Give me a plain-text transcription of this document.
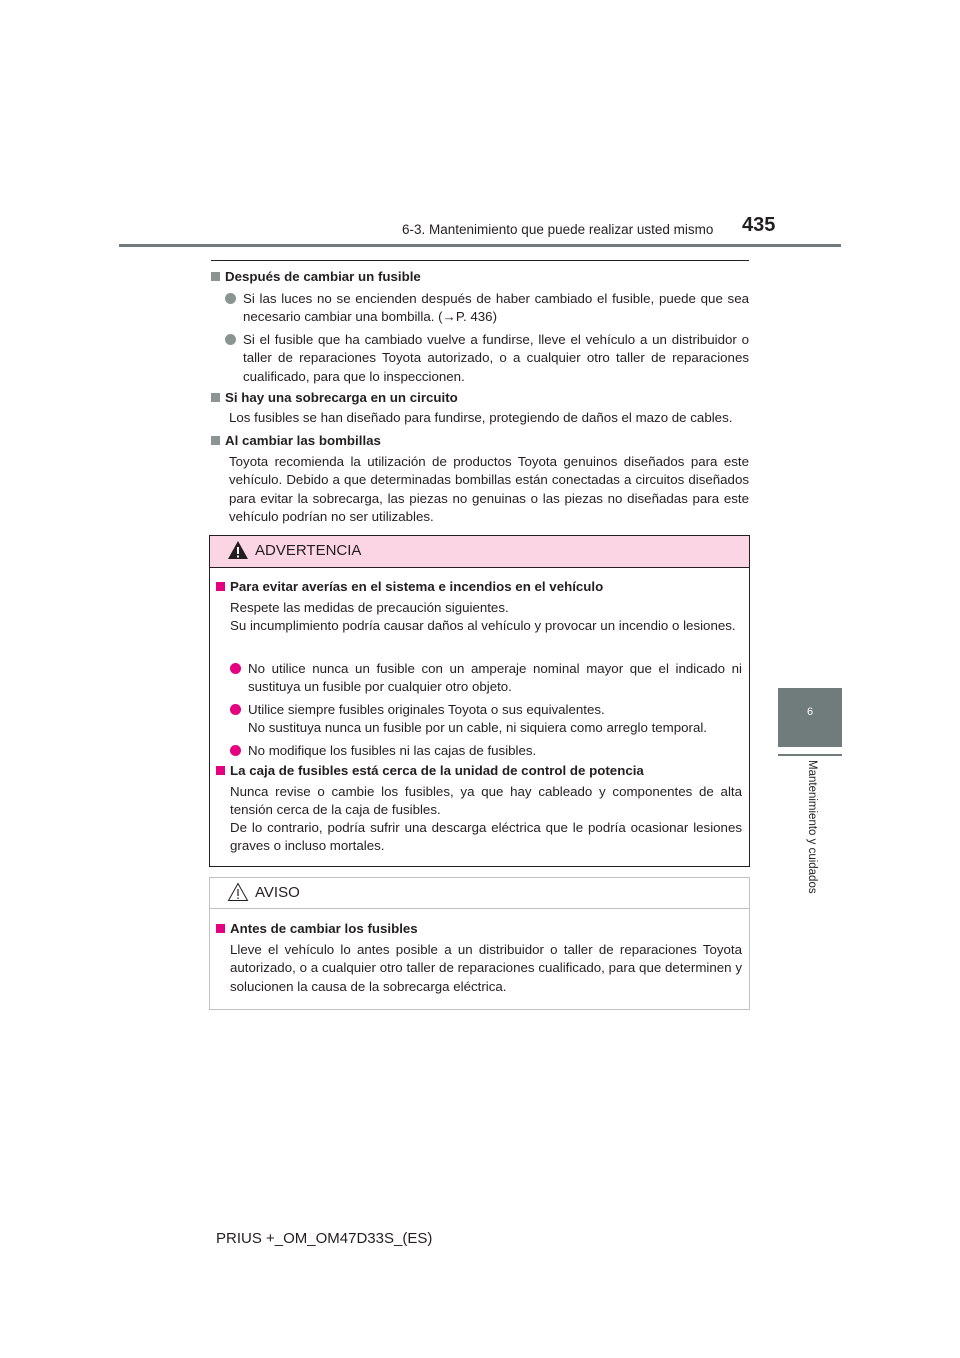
6-3. Mantenimiento que puede realizar usted mismo 435
6
Mantenimiento y cuidados
Después de cambiar un fusible
Si las luces no se encienden después de haber cambiado el fusible, puede que sea necesario cambiar una bombilla. (→P. 436)
Si el fusible que ha cambiado vuelve a fundirse, lleve el vehículo a un distribuidor o taller de reparaciones Toyota autorizado, o a cualquier otro taller de reparaciones cualificado, para que lo inspeccionen.
Si hay una sobrecarga en un circuito
Los fusibles se han diseñado para fundirse, protegiendo de daños el mazo de cables.
Al cambiar las bombillas
Toyota recomienda la utilización de productos Toyota genuinos diseñados para este vehículo. Debido a que determinadas bombillas están conectadas a circuitos diseñados para evitar la sobrecarga, las piezas no genuinas o las piezas no diseñadas para este vehículo podrían no ser utilizables.
ADVERTENCIA
Para evitar averías en el sistema e incendios en el vehículo
Respete las medidas de precaución siguientes.
Su incumplimiento podría causar daños al vehículo y provocar un incendio o lesiones.
No utilice nunca un fusible con un amperaje nominal mayor que el indicado ni sustituya un fusible por cualquier otro objeto.
Utilice siempre fusibles originales Toyota o sus equivalentes.
No sustituya nunca un fusible por un cable, ni siquiera como arreglo temporal.
No modifique los fusibles ni las cajas de fusibles.
La caja de fusibles está cerca de la unidad de control de potencia
Nunca revise o cambie los fusibles, ya que hay cableado y componentes de alta tensión cerca de la caja de fusibles.
De lo contrario, podría sufrir una descarga eléctrica que le podría ocasionar lesiones graves o incluso mortales.
AVISO
Antes de cambiar los fusibles
Lleve el vehículo lo antes posible a un distribuidor o taller de reparaciones Toyota autorizado, o a cualquier otro taller de reparaciones cualificado, para que determinen y solucionen la causa de la sobrecarga eléctrica.
PRIUS +_OM_OM47D33S_(ES)
